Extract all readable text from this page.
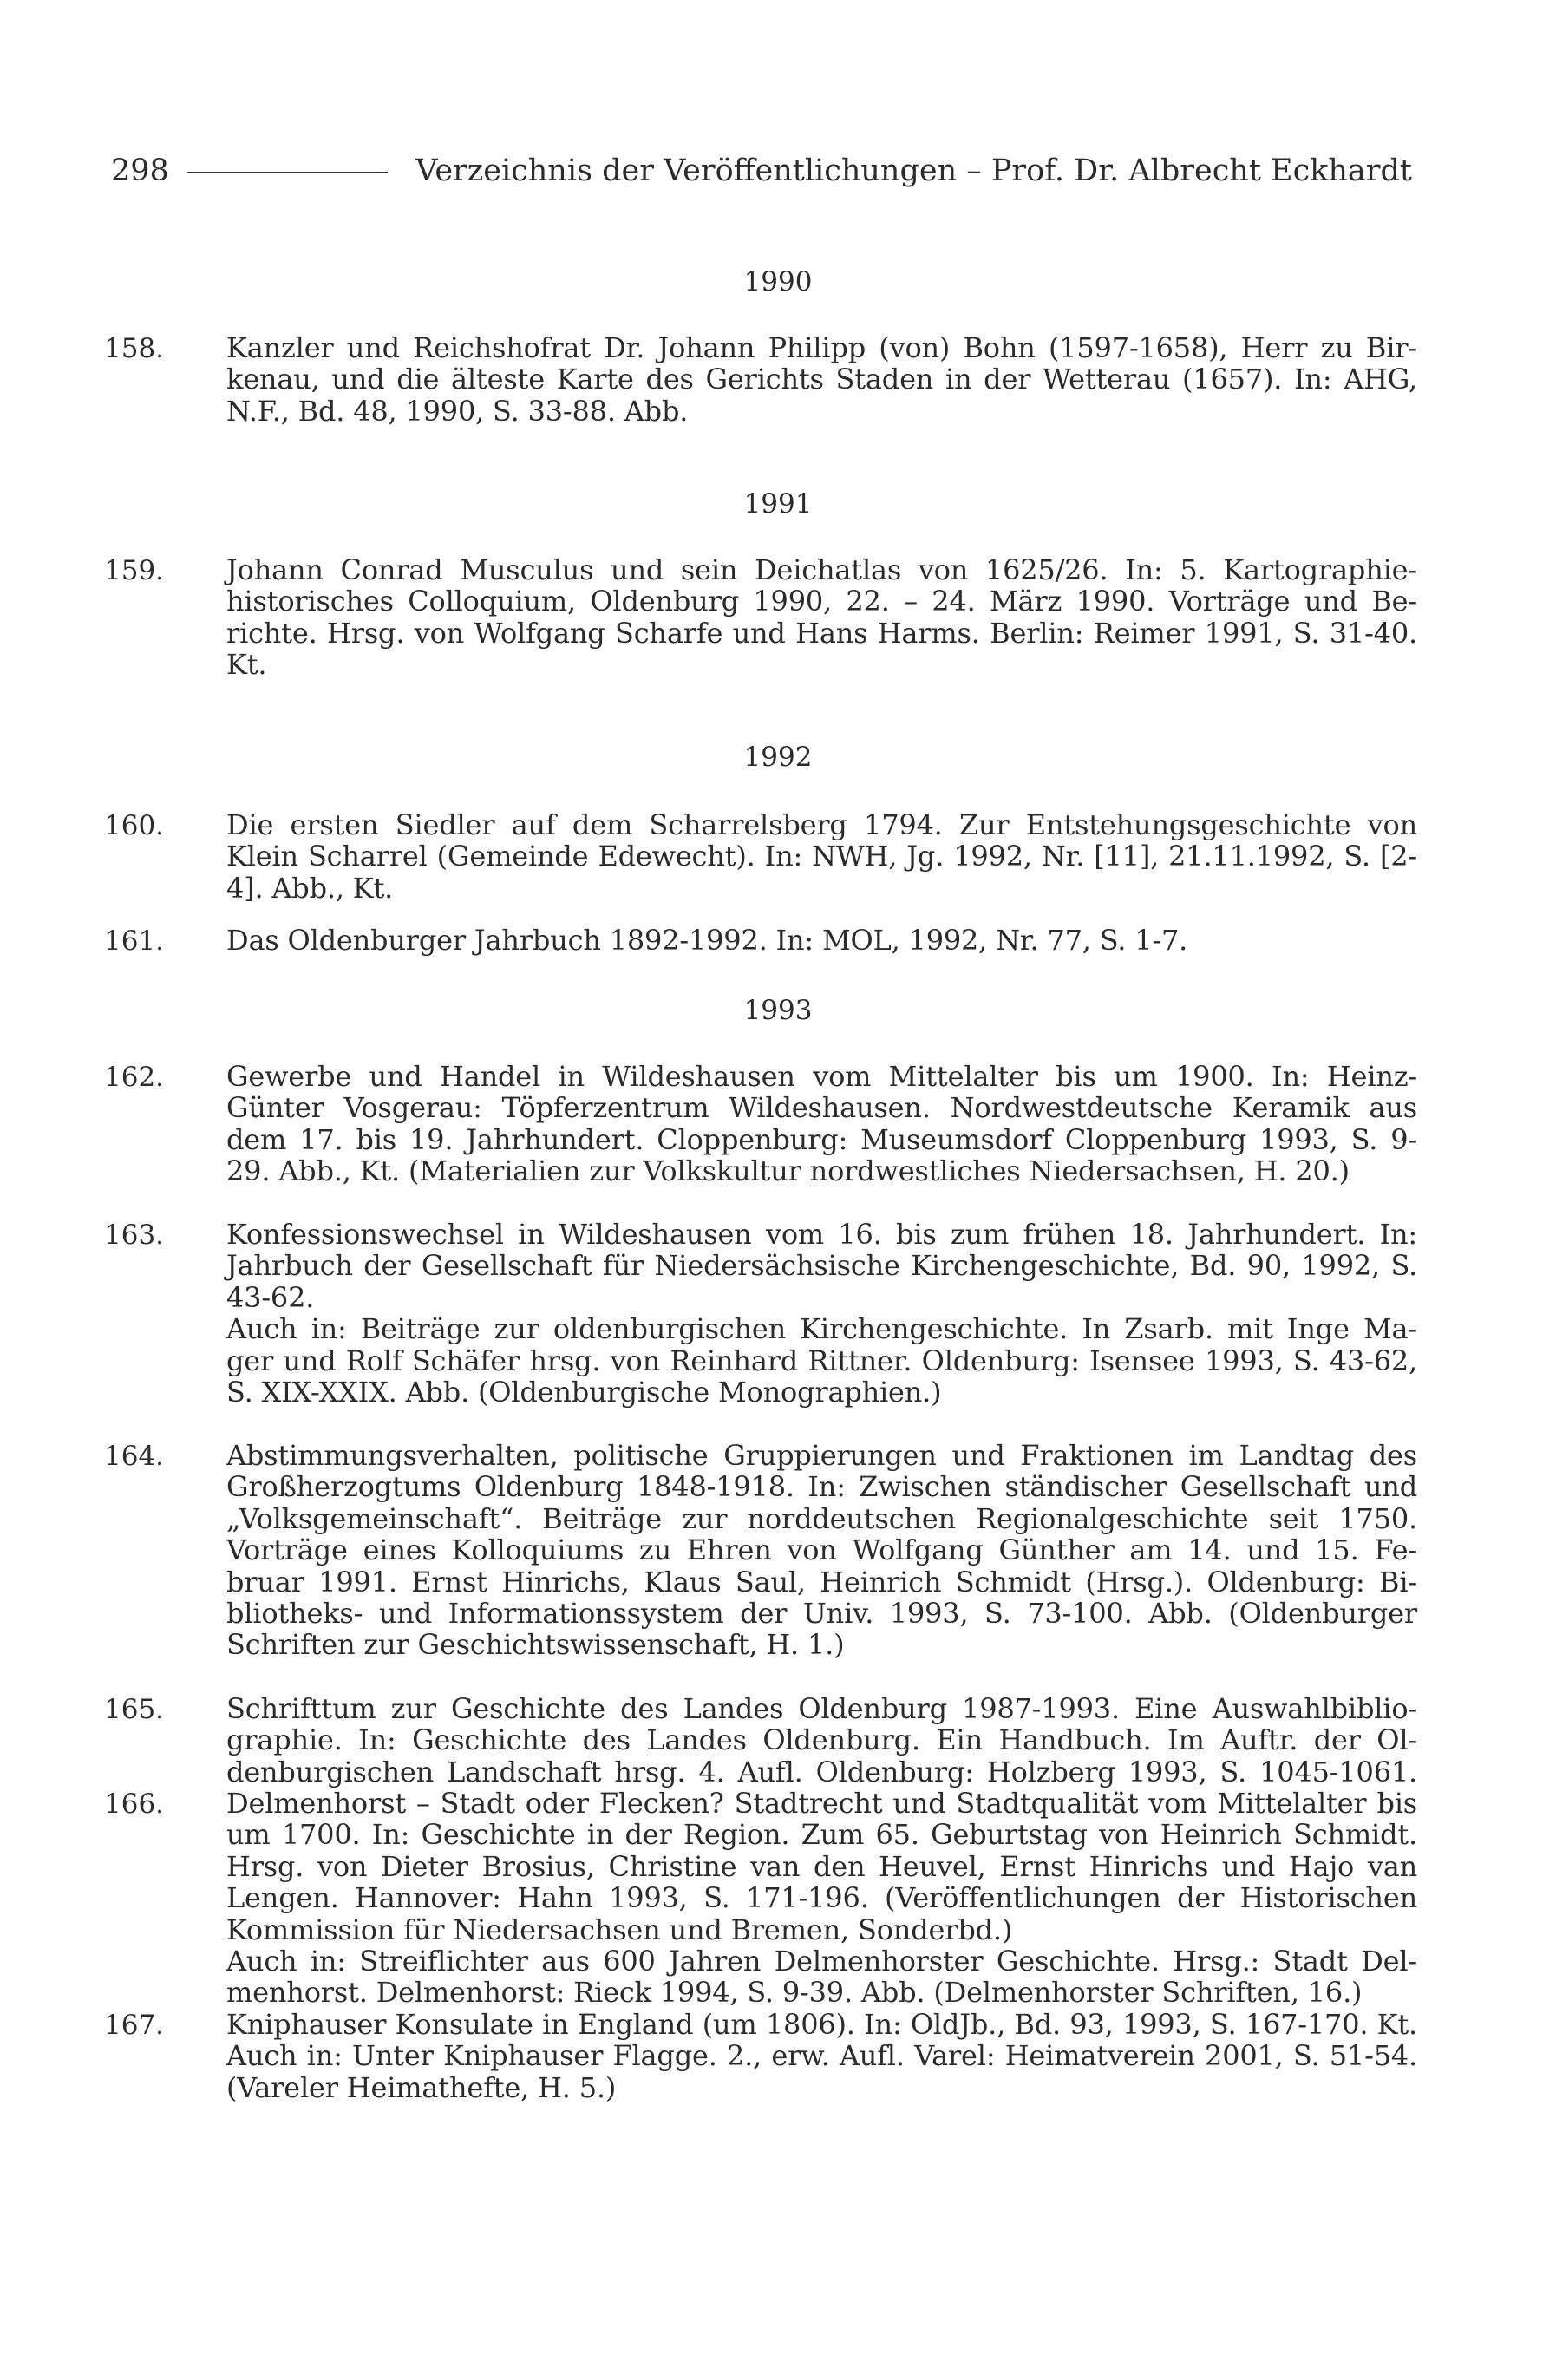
298	Verzeichnis der Veröffentlichungen – Prof. Dr. Albrecht Eckhardt
1990
158.	Kanzler und Reichshofrat Dr. Johann Philipp (von) Bohn (1597-1658), Herr zu Bir-
kenau, und die älteste Karte des Gerichts Staden in der Wetterau (1657). In: AHG,
N.F., Bd. 48, 1990, S. 33-88. Abb.
1991
159.	Johann Conrad Musculus und sein Deichatlas von 1625/26. In: 5. Kartographie-
historisches Colloquium, Oldenburg 1990, 22. – 24. März 1990. Vorträge und Be-
richte. Hrsg. von Wolfgang Scharfe und Hans Harms. Berlin: Reimer 1991, S. 31-40.
Kt.
1992
160.	Die ersten Siedler auf dem Scharrelsberg 1794. Zur Entstehungsgeschichte von
Klein Scharrel (Gemeinde Edewecht). In: NWH, Jg. 1992, Nr. [11], 21.11.1992, S. [2-
4]. Abb., Kt.
161.	Das Oldenburger Jahrbuch 1892-1992. In: MOL, 1992, Nr. 77, S. 1-7.
1993
162.	Gewerbe und Handel in Wildeshausen vom Mittelalter bis um 1900. In: Heinz-
Günter Vosgerau: Töpferzentrum Wildeshausen. Nordwestdeutsche Keramik aus
dem 17. bis 19. Jahrhundert. Cloppenburg: Museumsdorf Cloppenburg 1993, S. 9-
29. Abb., Kt. (Materialien zur Volkskultur nordwestliches Niedersachsen, H. 20.)
163.	Konfessionswechsel in Wildeshausen vom 16. bis zum frühen 18. Jahrhundert. In:
Jahrbuch der Gesellschaft für Niedersächsische Kirchengeschichte, Bd. 90, 1992, S.
43-62.
Auch in: Beiträge zur oldenburgischen Kirchengeschichte. In Zsarb. mit Inge Ma-
ger und Rolf Schäfer hrsg. von Reinhard Rittner. Oldenburg: Isensee 1993, S. 43-62,
S. XIX-XXIX. Abb. (Oldenburgische Monographien.)
164.	Abstimmungsverhalten, politische Gruppierungen und Fraktionen im Landtag des
Großherzogtums Oldenburg 1848-1918. In: Zwischen ständischer Gesellschaft und
„Volksgemeinschaft“. Beiträge zur norddeutschen Regionalgeschichte seit 1750.
Vorträge eines Kolloquiums zu Ehren von Wolfgang Günther am 14. und 15. Fe-
bruar 1991. Ernst Hinrichs, Klaus Saul, Heinrich Schmidt (Hrsg.). Oldenburg: Bi-
bliotheks- und Informationssystem der Univ. 1993, S. 73-100. Abb. (Oldenburger
Schriften zur Geschichtswissenschaft, H. 1.)
165.	Schrifttum zur Geschichte des Landes Oldenburg 1987-1993. Eine Auswahlbiblio-
graphie. In: Geschichte des Landes Oldenburg. Ein Handbuch. Im Auftr. der Ol-
denburgischen Landschaft hrsg. 4. Aufl. Oldenburg: Holzberg 1993, S. 1045-1061.
166.	Delmenhorst – Stadt oder Flecken? Stadtrecht und Stadtqualität vom Mittelalter bis
um 1700. In: Geschichte in der Region. Zum 65. Geburtstag von Heinrich Schmidt.
Hrsg. von Dieter Brosius, Christine van den Heuvel, Ernst Hinrichs und Hajo van
Lengen. Hannover: Hahn 1993, S. 171-196. (Veröffentlichungen der Historischen
Kommission für Niedersachsen und Bremen, Sonderbd.)
Auch in: Streiflichter aus 600 Jahren Delmenhorster Geschichte. Hrsg.: Stadt Del-
menhorst. Delmenhorst: Rieck 1994, S. 9-39. Abb. (Delmenhorster Schriften, 16.)
167.	Kniphauser Konsulate in England (um 1806). In: OldJb., Bd. 93, 1993, S. 167-170. Kt.
Auch in: Unter Kniphauser Flagge. 2., erw. Aufl. Varel: Heimatverein 2001, S. 51-54.
(Vareler Heimathefte, H. 5.)
